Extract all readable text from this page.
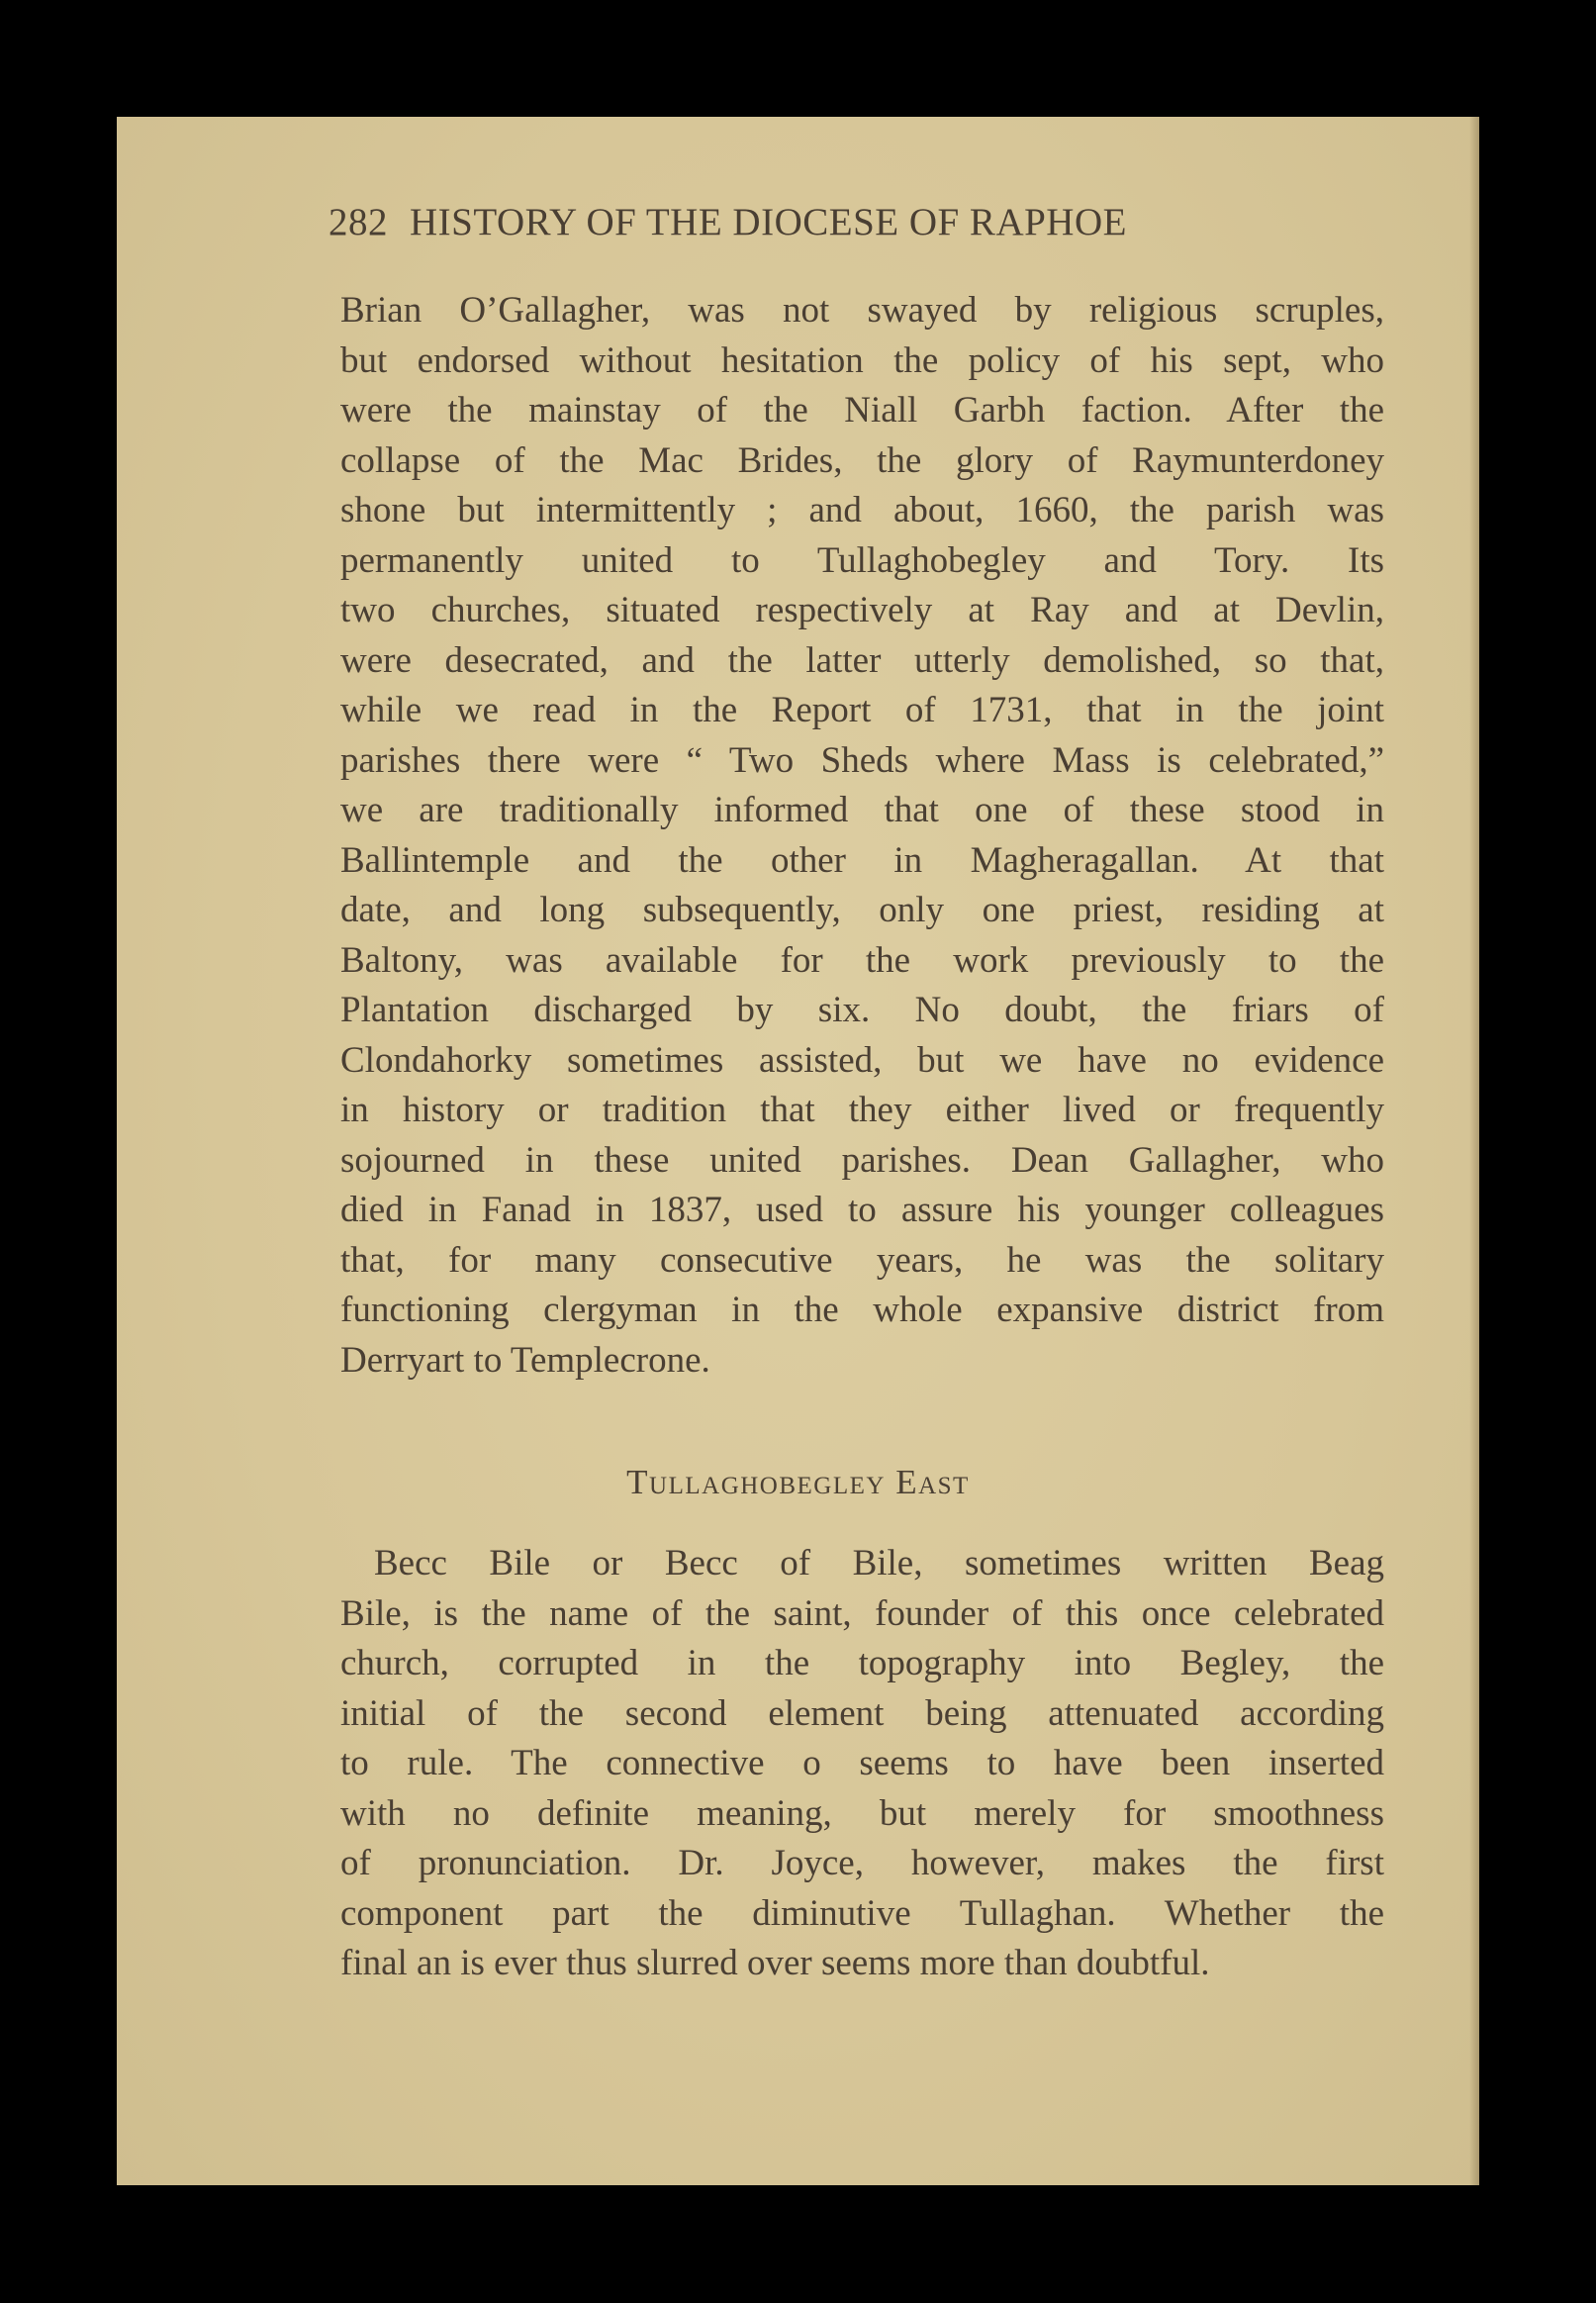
282 HISTORY OF THE DIOCESE OF RAPHOE
Brian O’Gallagher, was not swayed by religious scruples,
but endorsed without hesitation the policy of his sept, who
were the mainstay of the Niall Garbh faction. After the
collapse of the Mac Brides, the glory of Raymunterdoney
shone but intermittently ; and about, 1660, the parish was
permanently united to Tullaghobegley and Tory. Its
two churches, situated respectively at Ray and at Devlin,
were desecrated, and the latter utterly demolished, so that,
while we read in the Report of 1731, that in the joint
parishes there were “ Two Sheds where Mass is celebrated,”
we are traditionally informed that one of these stood in
Ballintemple and the other in Magheragallan. At that
date, and long subsequently, only one priest, residing at
Baltony, was available for the work previously to the
Plantation discharged by six. No doubt, the friars of
Clondahorky sometimes assisted, but we have no evidence
in history or tradition that they either lived or frequently
sojourned in these united parishes. Dean Gallagher, who
died in Fanad in 1837, used to assure his younger colleagues
that, for many consecutive years, he was the solitary
functioning clergyman in the whole expansive district from
Derryart to Templecrone.
Tullaghobegley East
Becc Bile or Becc of Bile, sometimes written Beag
Bile, is the name of the saint, founder of this once celebrated
church, corrupted in the topography into Begley, the
initial of the second element being attenuated according
to rule. The connective o seems to have been inserted
with no definite meaning, but merely for smoothness
of pronunciation. Dr. Joyce, however, makes the first
component part the diminutive Tullaghan. Whether the
final an is ever thus slurred over seems more than doubtful.
